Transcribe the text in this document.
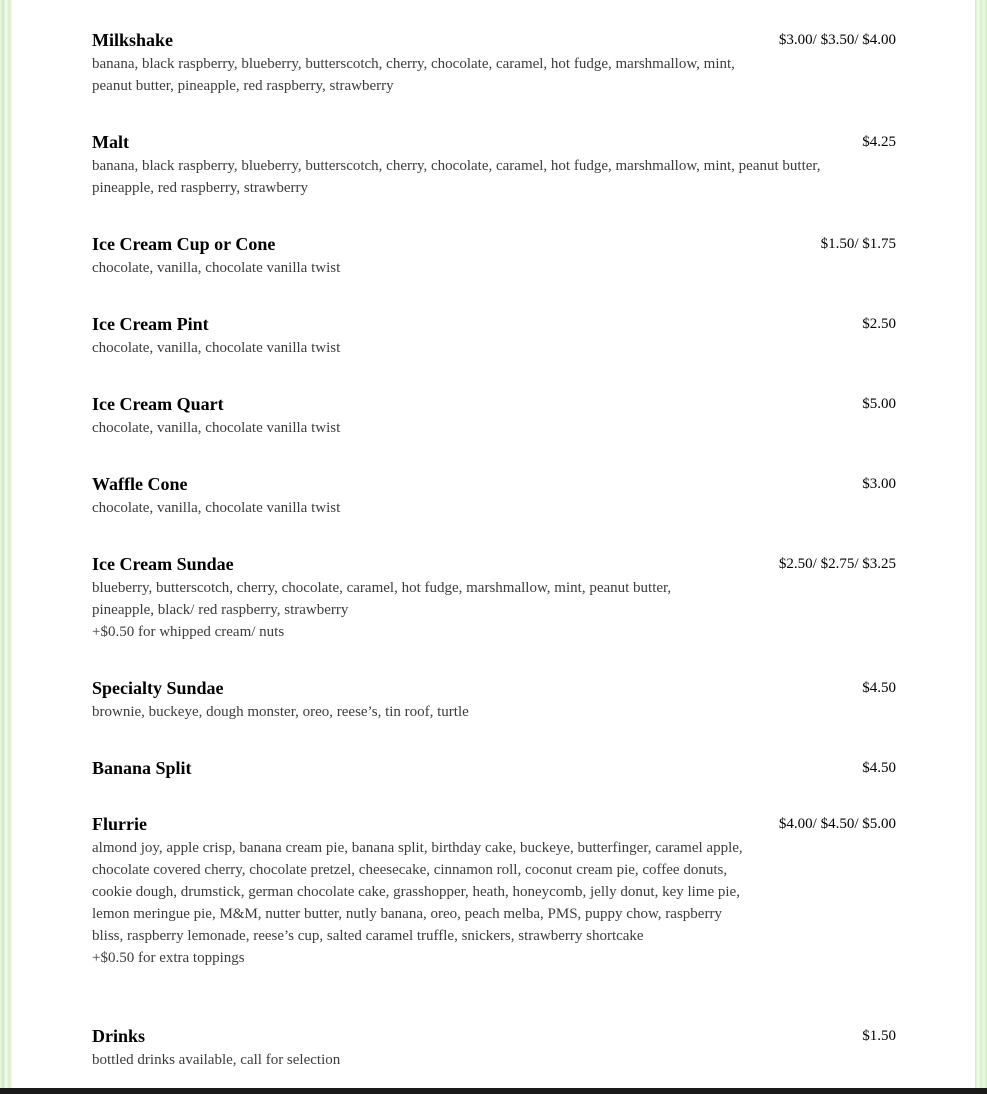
Milkshake	$3.00/ $3.50/ $4.00
banana, black raspberry, blueberry, butterscotch, cherry, chocolate, caramel, hot fudge, marshmallow, mint, peanut butter, pineapple, red raspberry, strawberry
Malt	$4.25
banana, black raspberry, blueberry, butterscotch, cherry, chocolate, caramel, hot fudge, marshmallow, mint, peanut butter, pineapple, red raspberry, strawberry
Ice Cream Cup or Cone	$1.50/ $1.75
chocolate, vanilla, chocolate vanilla twist
Ice Cream Pint	$2.50
chocolate, vanilla, chocolate vanilla twist
Ice Cream Quart	$5.00
chocolate, vanilla, chocolate vanilla twist
Waffle Cone	$3.00
chocolate, vanilla, chocolate vanilla twist
Ice Cream Sundae	$2.50/ $2.75/ $3.25
blueberry, butterscotch, cherry, chocolate, caramel, hot fudge, marshmallow, mint, peanut butter, pineapple, black/ red raspberry, strawberry
+$0.50 for whipped cream/ nuts
Specialty Sundae	$4.50
brownie, buckeye, dough monster, oreo, reese’s, tin roof, turtle
Banana Split	$4.50
Flurrie	$4.00/ $4.50/ $5.00
almond joy, apple crisp, banana cream pie, banana split, birthday cake, buckeye, butterfinger, caramel apple, chocolate covered cherry, chocolate pretzel, cheesecake, cinnamon roll, coconut cream pie, coffee donuts, cookie dough, drumstick, german chocolate cake, grasshopper, heath, honeycomb, jelly donut, key lime pie, lemon meringue pie, M&M, nutter butter, nutly banana, oreo, peach melba, PMS, puppy chow, raspberry bliss, raspberry lemonade, reese’s cup, salted caramel truffle, snickers, strawberry shortcake
+$0.50 for extra toppings
Drinks	$1.50
bottled drinks available, call for selection
